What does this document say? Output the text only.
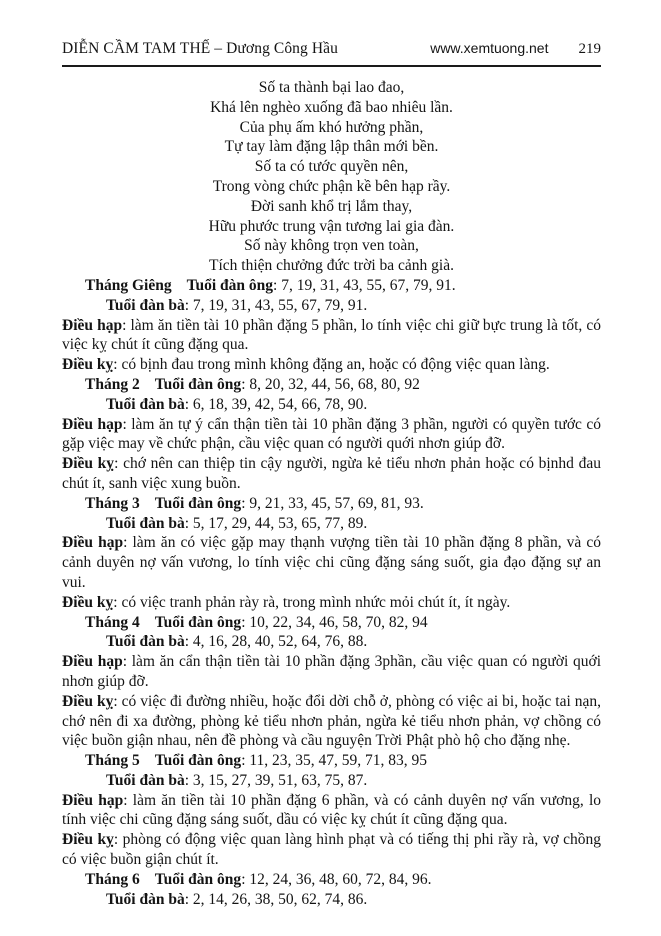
DIỄN CẦM TAM THẾ – Dương Công Hầu	www.xemtuong.net 219
Số ta thành bại lao đao,
Khá lên nghèo xuống đã bao nhiêu lần.
Của phụ ấm khó hưởng phần,
Tự tay làm đặng lập thân mới bền.
Số ta có tước quyền nên,
Trong vòng chức phận kề bên hạp rầy.
Đời sanh khổ trị lắm thay,
Hữu phước trung vận tương lai gia đàn.
Số này không trọn ven toàn,
Tích thiện chưởng đức trời ba cảnh già.
Tháng Giêng Tuổi đàn ông: 7, 19, 31, 43, 55, 67, 79, 91.
Tuổi đàn bà: 7, 19, 31, 43, 55, 67, 79, 91.

Điều hạp: làm ăn tiền tài 10 phần đặng 5 phần, lo tính việc chi giữ bực trung là tốt, có việc kỵ chút ít cũng đặng qua.

Điều kỵ: có bịnh đau trong mình không đặng an, hoặc có động việc quan làng.

Tháng 2 Tuổi đàn ông: 8, 20, 32, 44, 56, 68, 80, 92
Tuổi đàn bà: 6, 18, 39, 42, 54, 66, 78, 90.

Điều hạp: làm ăn tự ý cẩn thận tiền tài 10 phần đặng 3 phần, người có quyền tước có gặp việc may về chức phận, cầu việc quan có người quới nhơn giúp đỡ.

Điều kỵ: chớ nên can thiệp tin cậy người, ngừa kẻ tiểu nhơn phản hoặc có bịnhd đau chút ít, sanh việc xung buồn.

Tháng 3 Tuổi đàn ông: 9, 21, 33, 45, 57, 69, 81, 93.
Tuổi đàn bà: 5, 17, 29, 44, 53, 65, 77, 89.

Điều hạp: làm ăn có việc gặp may thạnh vượng tiền tài 10 phần đặng 8 phần, và có cảnh duyên nợ vấn vương, lo tính việc chi cũng đặng sáng suốt, gia đạo đặng sự an vui.

Điều kỵ: có việc tranh phản rày rà, trong mình nhức mỏi chút ít, ít ngày.

Tháng 4 Tuổi đàn ông: 10, 22, 34, 46, 58, 70, 82, 94
Tuổi đàn bà: 4, 16, 28, 40, 52, 64, 76, 88.

Điều hạp: làm ăn cẩn thận tiền tài 10 phần đặng 3phần, cầu việc quan có người quới nhơn giúp đỡ.

Điều kỵ: có việc đi đường nhiều, hoặc đổi dời chỗ ở, phòng có việc ai bi, hoặc tai nạn, chớ nên đi xa đường, phòng kẻ tiểu nhơn phản, ngừa kẻ tiểu nhơn phản, vợ chồng có việc buồn giận nhau, nên đề phòng và cầu nguyện Trời Phật phò hộ cho đặng nhẹ.

Tháng 5 Tuổi đàn ông: 11, 23, 35, 47, 59, 71, 83, 95
Tuổi đàn bà: 3, 15, 27, 39, 51, 63, 75, 87.

Điều hạp: làm ăn tiền tài 10 phần đặng 6 phần, và có cảnh duyên nợ vấn vương, lo tính việc chi cũng đặng sáng suốt, dầu có việc kỵ chút ít cũng đặng qua.

Điều kỵ: phòng có động việc quan làng hình phạt và có tiếng thị phi rầy rà, vợ chồng có việc buồn giận chút ít.

Tháng 6 Tuổi đàn ông: 12, 24, 36, 48, 60, 72, 84, 96.
Tuổi đàn bà: 2, 14, 26, 38, 50, 62, 74, 86.
